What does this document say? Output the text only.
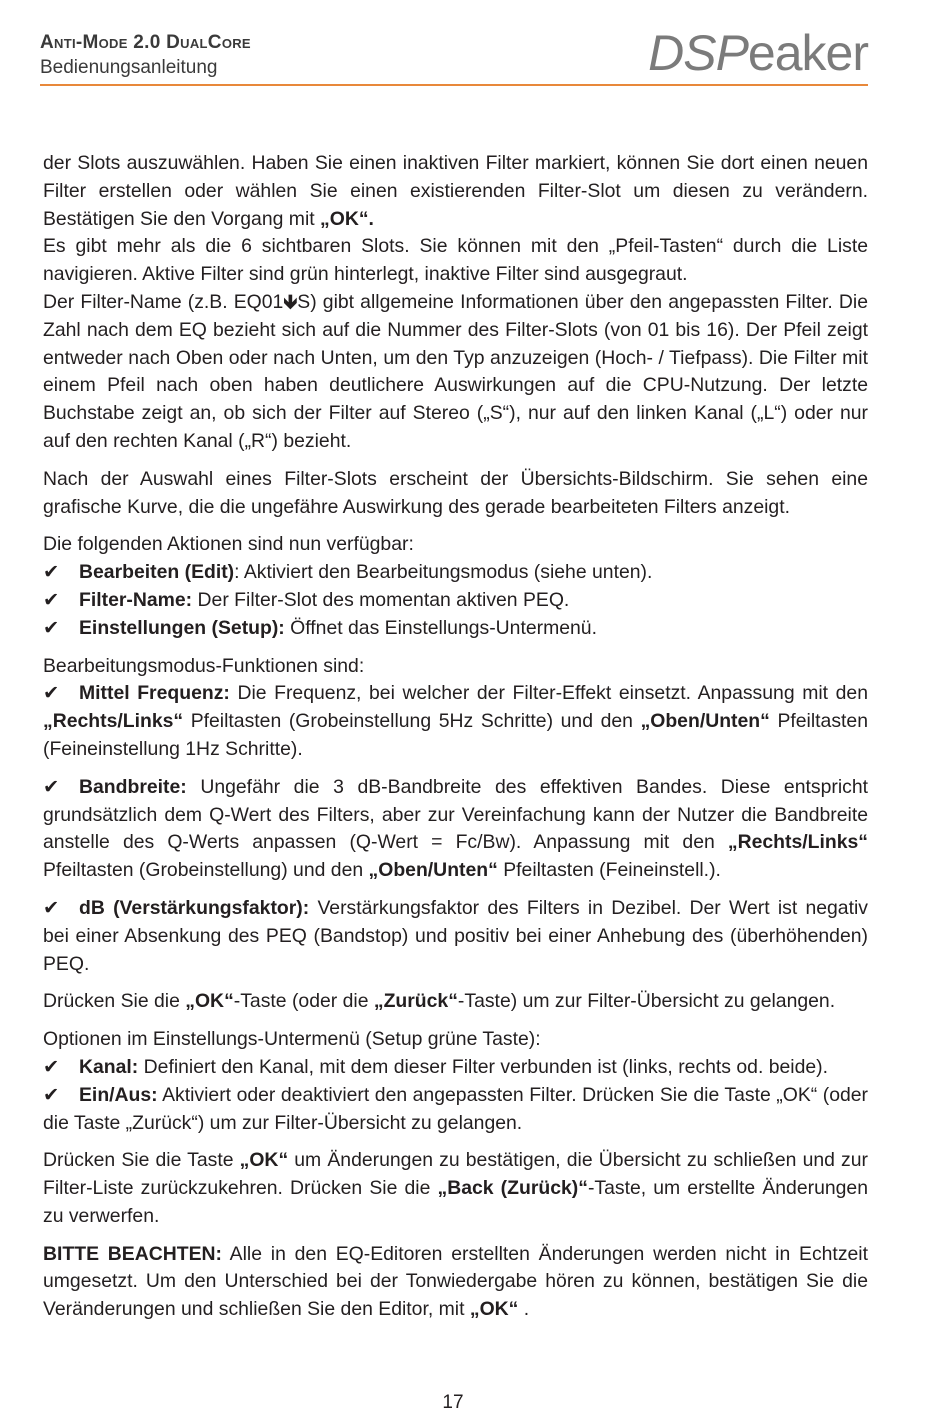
Anti-Mode 2.0 DualCore
Bedienungsanleitung	DSPeaker

der Slots auszuwählen. Haben Sie einen inaktiven Filter markiert, können Sie dort einen neuen Filter erstellen oder wählen Sie einen existierenden Filter-Slot um diesen zu verändern. Bestätigen Sie den Vorgang mit „OK“.

Es gibt mehr als die 6 sichtbaren Slots. Sie können mit den „Pfeil-Tasten“ durch die Liste navigieren. Aktive Filter sind grün hinterlegt, inaktive Filter sind ausgegraut.

Der Filter-Name (z.B. EQ01🡻S) gibt allgemeine Informationen über den angepassten Filter. Die Zahl nach dem EQ bezieht sich auf die Nummer des Filter-Slots (von 01 bis 16). Der Pfeil zeigt entweder nach Oben oder nach Unten, um den Typ anzuzeigen (Hoch- / Tiefpass). Die Filter mit einem Pfeil nach oben haben deutlichere Auswirkungen auf die CPU-Nutzung. Der letzte Buchstabe zeigt an, ob sich der Filter auf Stereo („S“), nur auf den linken Kanal („L“) oder nur auf den rechten Kanal („R“) bezieht.

Nach der Auswahl eines Filter-Slots erscheint der Übersichts-Bildschirm. Sie sehen eine grafische Kurve, die die ungefähre Auswirkung des gerade bearbeiteten Filters anzeigt.

Die folgenden Aktionen sind nun verfügbar:

✔ Bearbeiten (Edit): Aktiviert den Bearbeitungsmodus (siehe unten).
✔ Filter-Name: Der Filter-Slot des momentan aktiven PEQ.

✔ Einstellungen (Setup): Öffnet das Einstellungs-Untermenü.

Bearbeitungsmodus-Funktionen sind:

✔ Mittel Frequenz: Die Frequenz, bei welcher der Filter-Effekt einsetzt. Anpassung mit den „Rechts/Links“ Pfeiltasten (Grobeinstellung 5Hz Schritte) und den „Oben/Unten“ Pfeiltasten (Feineinstellung 1Hz Schritte).

✔ Bandbreite: Ungefähr die 3 dB-Bandbreite des effektiven Bandes. Diese entspricht grundsätzlich dem Q-Wert des Filters, aber zur Vereinfachung kann der Nutzer die Bandbreite anstelle des Q-Werts anpassen (Q-Wert = Fc/Bw). Anpassung mit den „Rechts/Links“ Pfeiltasten (Grobeinstellung) und den „Oben/Unten“ Pfeiltasten (Feineinstell.).

✔ dB (Verstärkungsfaktor): Verstärkungsfaktor des Filters in Dezibel. Der Wert ist negativ bei einer Absenkung des PEQ (Bandstop) und positiv bei einer Anhebung des (überhöhenden) PEQ.

Drücken Sie die „OK“-Taste (oder die „Zurück“-Taste) um zur Filter-Übersicht zu gelangen.

Optionen im Einstellungs-Untermenü (Setup grüne Taste):

✔ Kanal: Definiert den Kanal, mit dem dieser Filter verbunden ist (links, rechts od. beide).

✔ Ein/Aus: Aktiviert oder deaktiviert den angepassten Filter. Drücken Sie die Taste „OK“ (oder die Taste „Zurück“) um zur Filter-Übersicht zu gelangen.

Drücken Sie die Taste „OK“ um Änderungen zu bestätigen, die Übersicht zu schließen und zur Filter-Liste zurückzukehren. Drücken Sie die „Back (Zurück)“-Taste, um erstellte Änderungen zu verwerfen.

BITTE BEACHTEN: Alle in den EQ-Editoren erstellten Änderungen werden nicht in Echtzeit umgesetzt. Um den Unterschied bei der Tonwiedergabe hören zu können, bestätigen Sie die Veränderungen und schließen Sie den Editor, mit „OK“ .

17
